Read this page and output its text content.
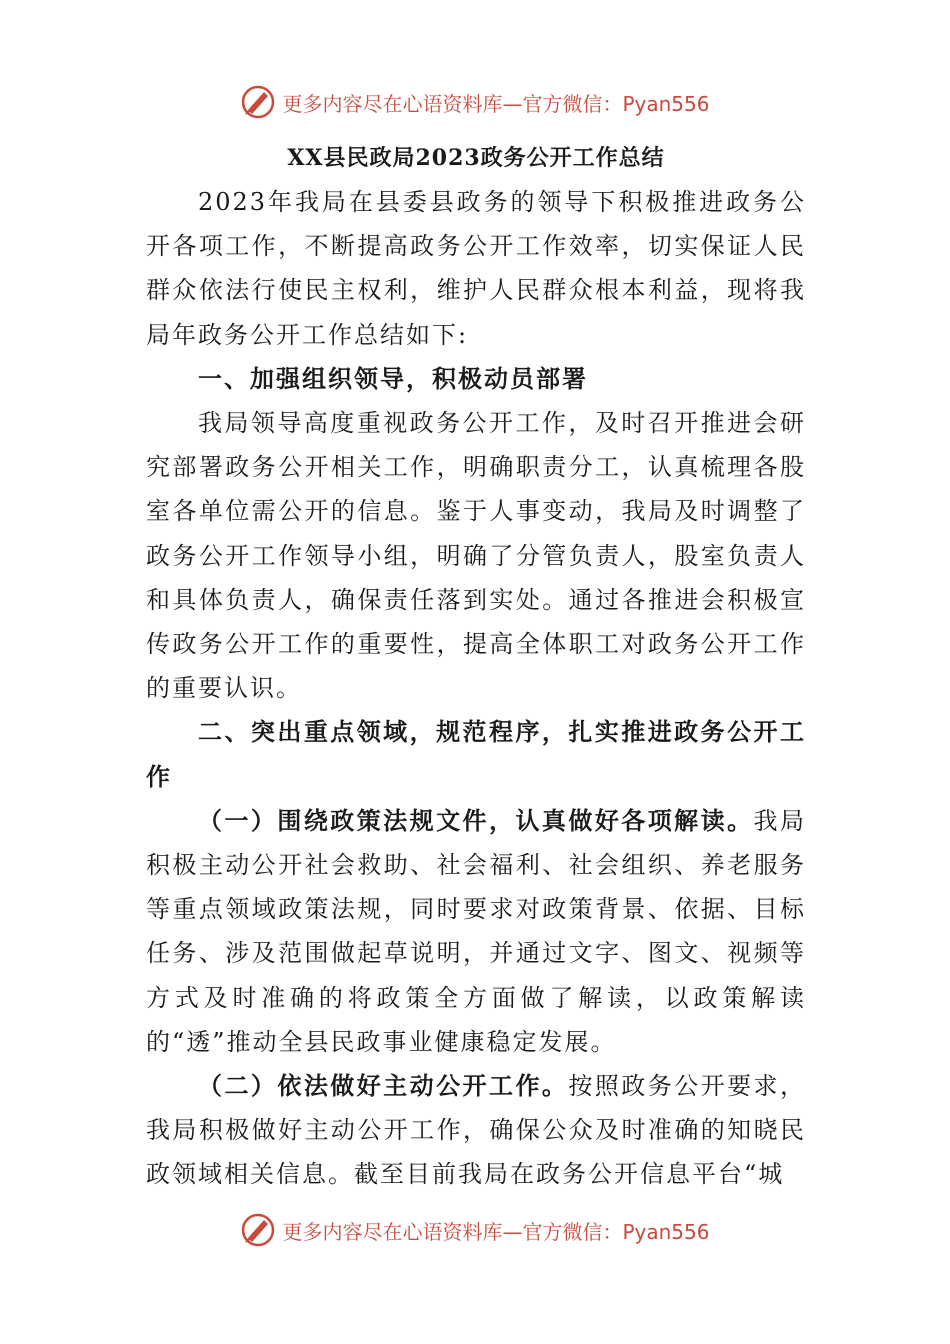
更多内容尽在心语资料库—官方微信：Pyan556
XX县民政局2023政务公开工作总结

2023年我局在县委县政务的领导下积极推进政务公开各项工作，不断提高政务公开工作效率，切实保证人民群众依法行使民主权利，维护人民群众根本利益，现将我局年政务公开工作总结如下:

一、加强组织领导，积极动员部署

我局领导高度重视政务公开工作，及时召开推进会研究部署政务公开相关工作，明确职责分工，认真梳理各股室各单位需公开的信息。鉴于人事变动，我局及时调整了政务公开工作领导小组，明确了分管负责人，股室负责人和具体负责人，确保责任落到实处。通过各推进会积极宣传政务公开工作的重要性，提高全体职工对政务公开工作的重要认识。

二、突出重点领域，规范程序，扎实推进政务公开工作

（一）围绕政策法规文件，认真做好各项解读。我局积极主动公开社会救助、社会福利、社会组织、养老服务等重点领域政策法规，同时要求对政策背景、依据、目标任务、涉及范围做起草说明，并通过文字、图文、视频等方式及时准确的将政策全方面做了解读，以政策解读的“透”推动全县民政事业健康稳定发展。

（二）依法做好主动公开工作。按照政务公开要求，我局积极做好主动公开工作，确保公众及时准确的知晓民政领域相关信息。截至目前我局在政务公开信息平台“城

更多内容尽在心语资料库—官方微信：Pyan556
